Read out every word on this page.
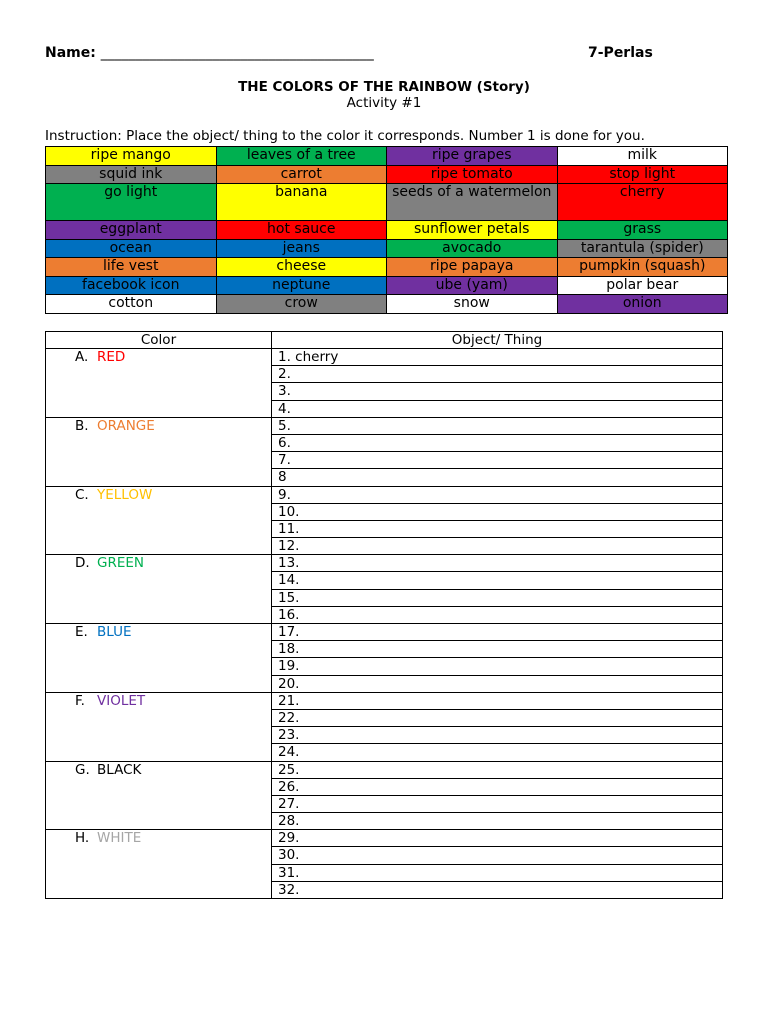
Name: _______________________________________	7-Perlas
THE COLORS OF THE RAINBOW (Story)
Activity #1
Instruction: Place the object/ thing to the color it corresponds. Number 1 is done for you.
ripe mango	leaves of a tree	ripe grapes	milk
squid ink	carrot	ripe tomato	stop light
go light	banana	seeds of a watermelon	cherry
eggplant	hot sauce	sunflower petals	grass
ocean	jeans	avocado	tarantula (spider)
life vest	cheese	ripe papaya	pumpkin (squash)
facebook icon	neptune	ube (yam)	polar bear
cotton	crow	snow	onion
Color	Object/ Thing
A. RED	1. cherry
	2.
	3.
	4.
B. ORANGE	5.
	6.
	7.
	8
C. YELLOW	9.
	10.
	11.
	12.
D. GREEN	13.
	14.
	15.
	16.
E. BLUE	17.
	18.
	19.
	20.
F. VIOLET	21.
	22.
	23.
	24.
G. BLACK	25.
	26.
	27.
	28.
H. WHITE	29.
	30.
	31.
	32.
